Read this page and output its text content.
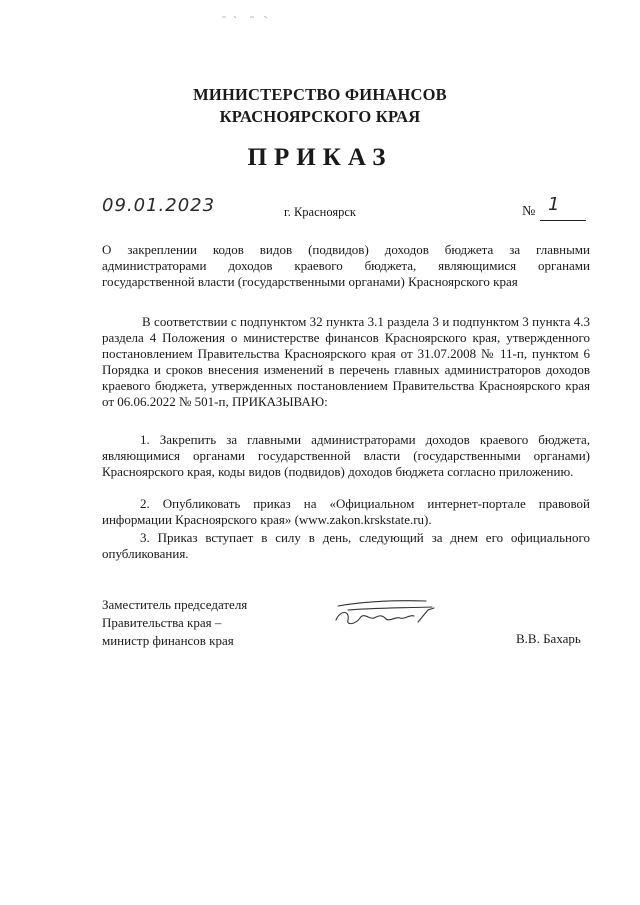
МИНИСТЕРСТВО ФИНАНСОВ
КРАСНОЯРСКОГО КРАЯ
ПРИКАЗ
09.01.2023	г. Красноярск	№ 1
О закреплении кодов видов (подвидов) доходов бюджета за главными администраторами доходов краевого бюджета, являющимися органами государственной власти (государственными органами) Красноярского края
В соответствии с подпунктом 32 пункта 3.1 раздела 3 и подпунктом 3 пункта 4.3 раздела 4 Положения о министерстве финансов Красноярского края, утвержденного постановлением Правительства Красноярского края от 31.07.2008 № 11-п, пунктом 6 Порядка и сроков внесения изменений в перечень главных администраторов доходов краевого бюджета, утвержденных постановлением Правительства Красноярского края от 06.06.2022 № 501-п, ПРИКАЗЫВАЮ:
1. Закрепить за главными администраторами доходов краевого бюджета, являющимися органами государственной власти (государственными органами) Красноярского края, коды видов (подвидов) доходов бюджета согласно приложению.
2. Опубликовать приказ на «Официальном интернет-портале правовой информации Красноярского края» (www.zakon.krskstate.ru).
3. Приказ вступает в силу в день, следующий за днем его официального опубликования.
Заместитель председателя
Правительства края –
министр финансов края	В.В. Бахарь
